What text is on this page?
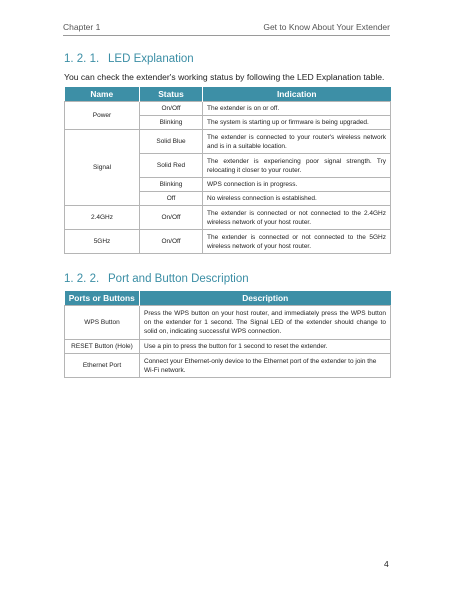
Chapter 1	Get to Know About Your Extender
1. 2. 1. LED Explanation
You can check the extender's working status by following the LED Explanation table.
Name	Status	Indication
Power	On/Off	The extender is on or off.
	Blinking	The system is starting up or firmware is being upgraded.
Signal	Solid Blue	The extender is connected to your router's wireless network and is in a suitable location.
	Solid Red	The extender is experiencing poor signal strength. Try relocating it closer to your router.
	Blinking	WPS connection is in progress.
	Off	No wireless connection is established.
2.4GHz	On/Off	The extender is connected or not connected to the 2.4GHz wireless network of your host router.
5GHz	On/Off	The extender is connected or not connected to the 5GHz wireless network of your host router.
1. 2. 2. Port and Button Description
Ports or Buttons	Description
WPS Button	Press the WPS button on your host router, and immediately press the WPS button on the extender for 1 second. The Signal LED of the extender should change to solid on, indicating successful WPS connection.
RESET Button (Hole)	Use a pin to press the button for 1 second to reset the extender.
Ethernet Port	Connect your Ethernet-only device to the Ethernet port of the extender to join the Wi-Fi network.
4
